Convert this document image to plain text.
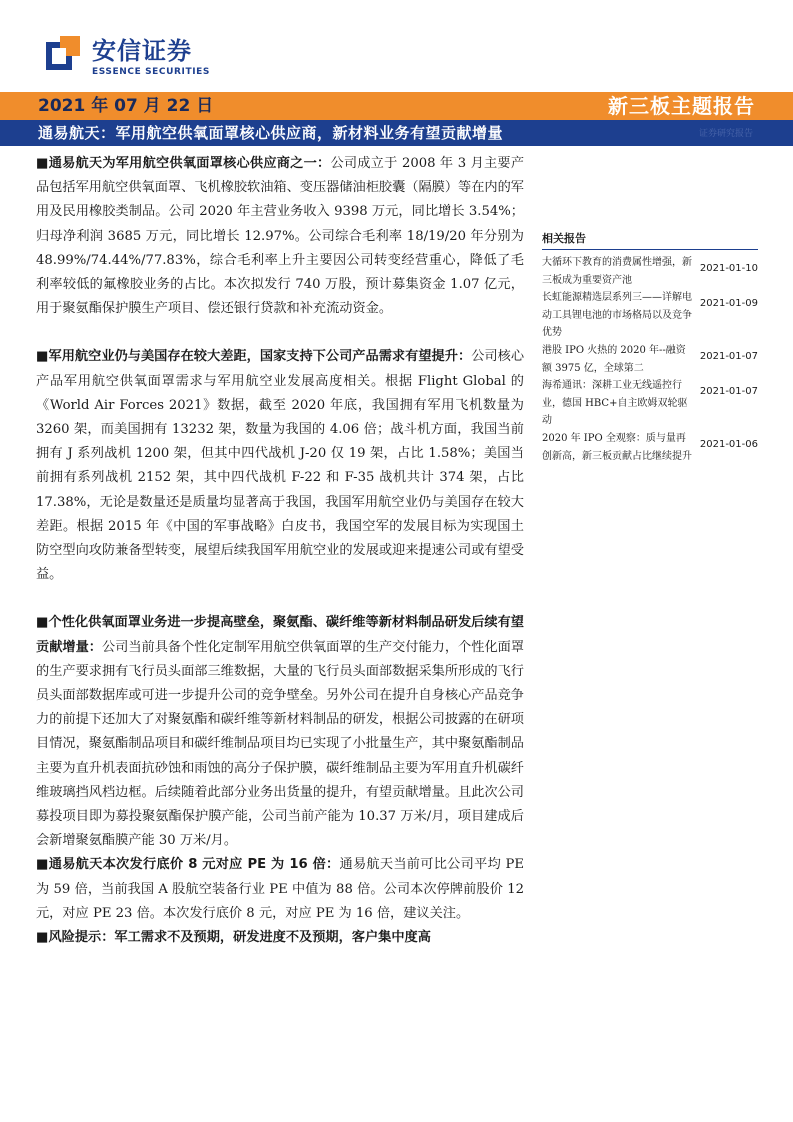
安信证券
ESSENCE SECURITIES
2021 年 07 月 22 日	新三板主题报告
通易航天：军用航空供氧面罩核心供应商，新材料业务有望贡献增量	证券研究报告

■通易航天为军用航空供氧面罩核心供应商之一：公司成立于 2008 年 3 月主要产品包括军用航空供氧面罩、飞机橡胶软油箱、变压器储油柜胶囊（隔膜）等在内的军用及民用橡胶类制品。公司 2020 年主营业务收入 9398 万元，同比增长 3.54%；归母净利润 3685 万元，同比增长 12.97%。公司综合毛利率 18/19/20 年分别为 48.99%/74.44%/77.83%，综合毛利率上升主要因公司转变经营重心，降低了毛利率较低的氟橡胶业务的占比。本次拟发行 740 万股，预计募集资金 1.07 亿元，用于聚氨酯保护膜生产项目、偿还银行贷款和补充流动资金。

■军用航空业仍与美国存在较大差距，国家支持下公司产品需求有望提升：公司核心产品军用航空供氧面罩需求与军用航空业发展高度相关。根据 Flight Global 的《World Air Forces 2021》数据，截至 2020 年底，我国拥有军用飞机数量为 3260 架，而美国拥有 13232 架，数量为我国的 4.06 倍；战斗机方面，我国当前拥有 J 系列战机 1200 架，但其中四代战机 J-20 仅 19 架，占比 1.58%；美国当前拥有系列战机 2152 架，其中四代战机 F-22 和 F-35 战机共计 374 架，占比 17.38%，无论是数量还是质量均显著高于我国，我国军用航空业仍与美国存在较大差距。根据 2015 年《中国的军事战略》白皮书，我国空军的发展目标为实现国土防空型向攻防兼备型转变，展望后续我国军用航空业的发展或迎来提速公司或有望受益。

■个性化供氧面罩业务进一步提高壁垒，聚氨酯、碳纤维等新材料制品研发后续有望贡献增量：公司当前具备个性化定制军用航空供氧面罩的生产交付能力，个性化面罩的生产要求拥有飞行员头面部三维数据，大量的飞行员头面部数据采集所形成的飞行员头面部数据库或可进一步提升公司的竞争壁垒。另外公司在提升自身核心产品竞争力的前提下还加大了对聚氨酯和碳纤维等新材料制品的研发，根据公司披露的在研项目情况，聚氨酯制品项目和碳纤维制品项目均已实现了小批量生产，其中聚氨酯制品主要为直升机表面抗砂蚀和雨蚀的高分子保护膜，碳纤维制品主要为军用直升机碳纤维玻璃挡风档边框。后续随着此部分业务出货量的提升，有望贡献增量。且此次公司募投项目即为募投聚氨酯保护膜产能，公司当前产能为 10.37 万米/月，项目建成后会新增聚氨酯膜产能 30 万米/月。

■通易航天本次发行底价 8 元对应 PE 为 16 倍：通易航天当前可比公司平均 PE 为 59 倍，当前我国 A 股航空装备行业 PE 中值为 88 倍。公司本次停牌前股价 12 元，对应 PE 23 倍。本次发行底价 8 元，对应 PE 为 16 倍，建议关注。

■风险提示：军工需求不及预期，研发进度不及预期，客户集中度高

相关报告
大循环下教育的消费属性增强，新三板成为重要资产池
2021-01-10
长虹能源精选层系列三——详解电动工具锂电池的市场格局以及竞争优势
2021-01-09
港股 IPO 火热的 2020 年--融资额 3975 亿，全球第二
2021-01-07
海希通讯：深耕工业无线遥控行业，德国 HBC+自主欧姆双轮驱动
2021-01-07
2020 年 IPO 全观察：质与量再创新高，新三板贡献占比继续提升
2021-01-06
